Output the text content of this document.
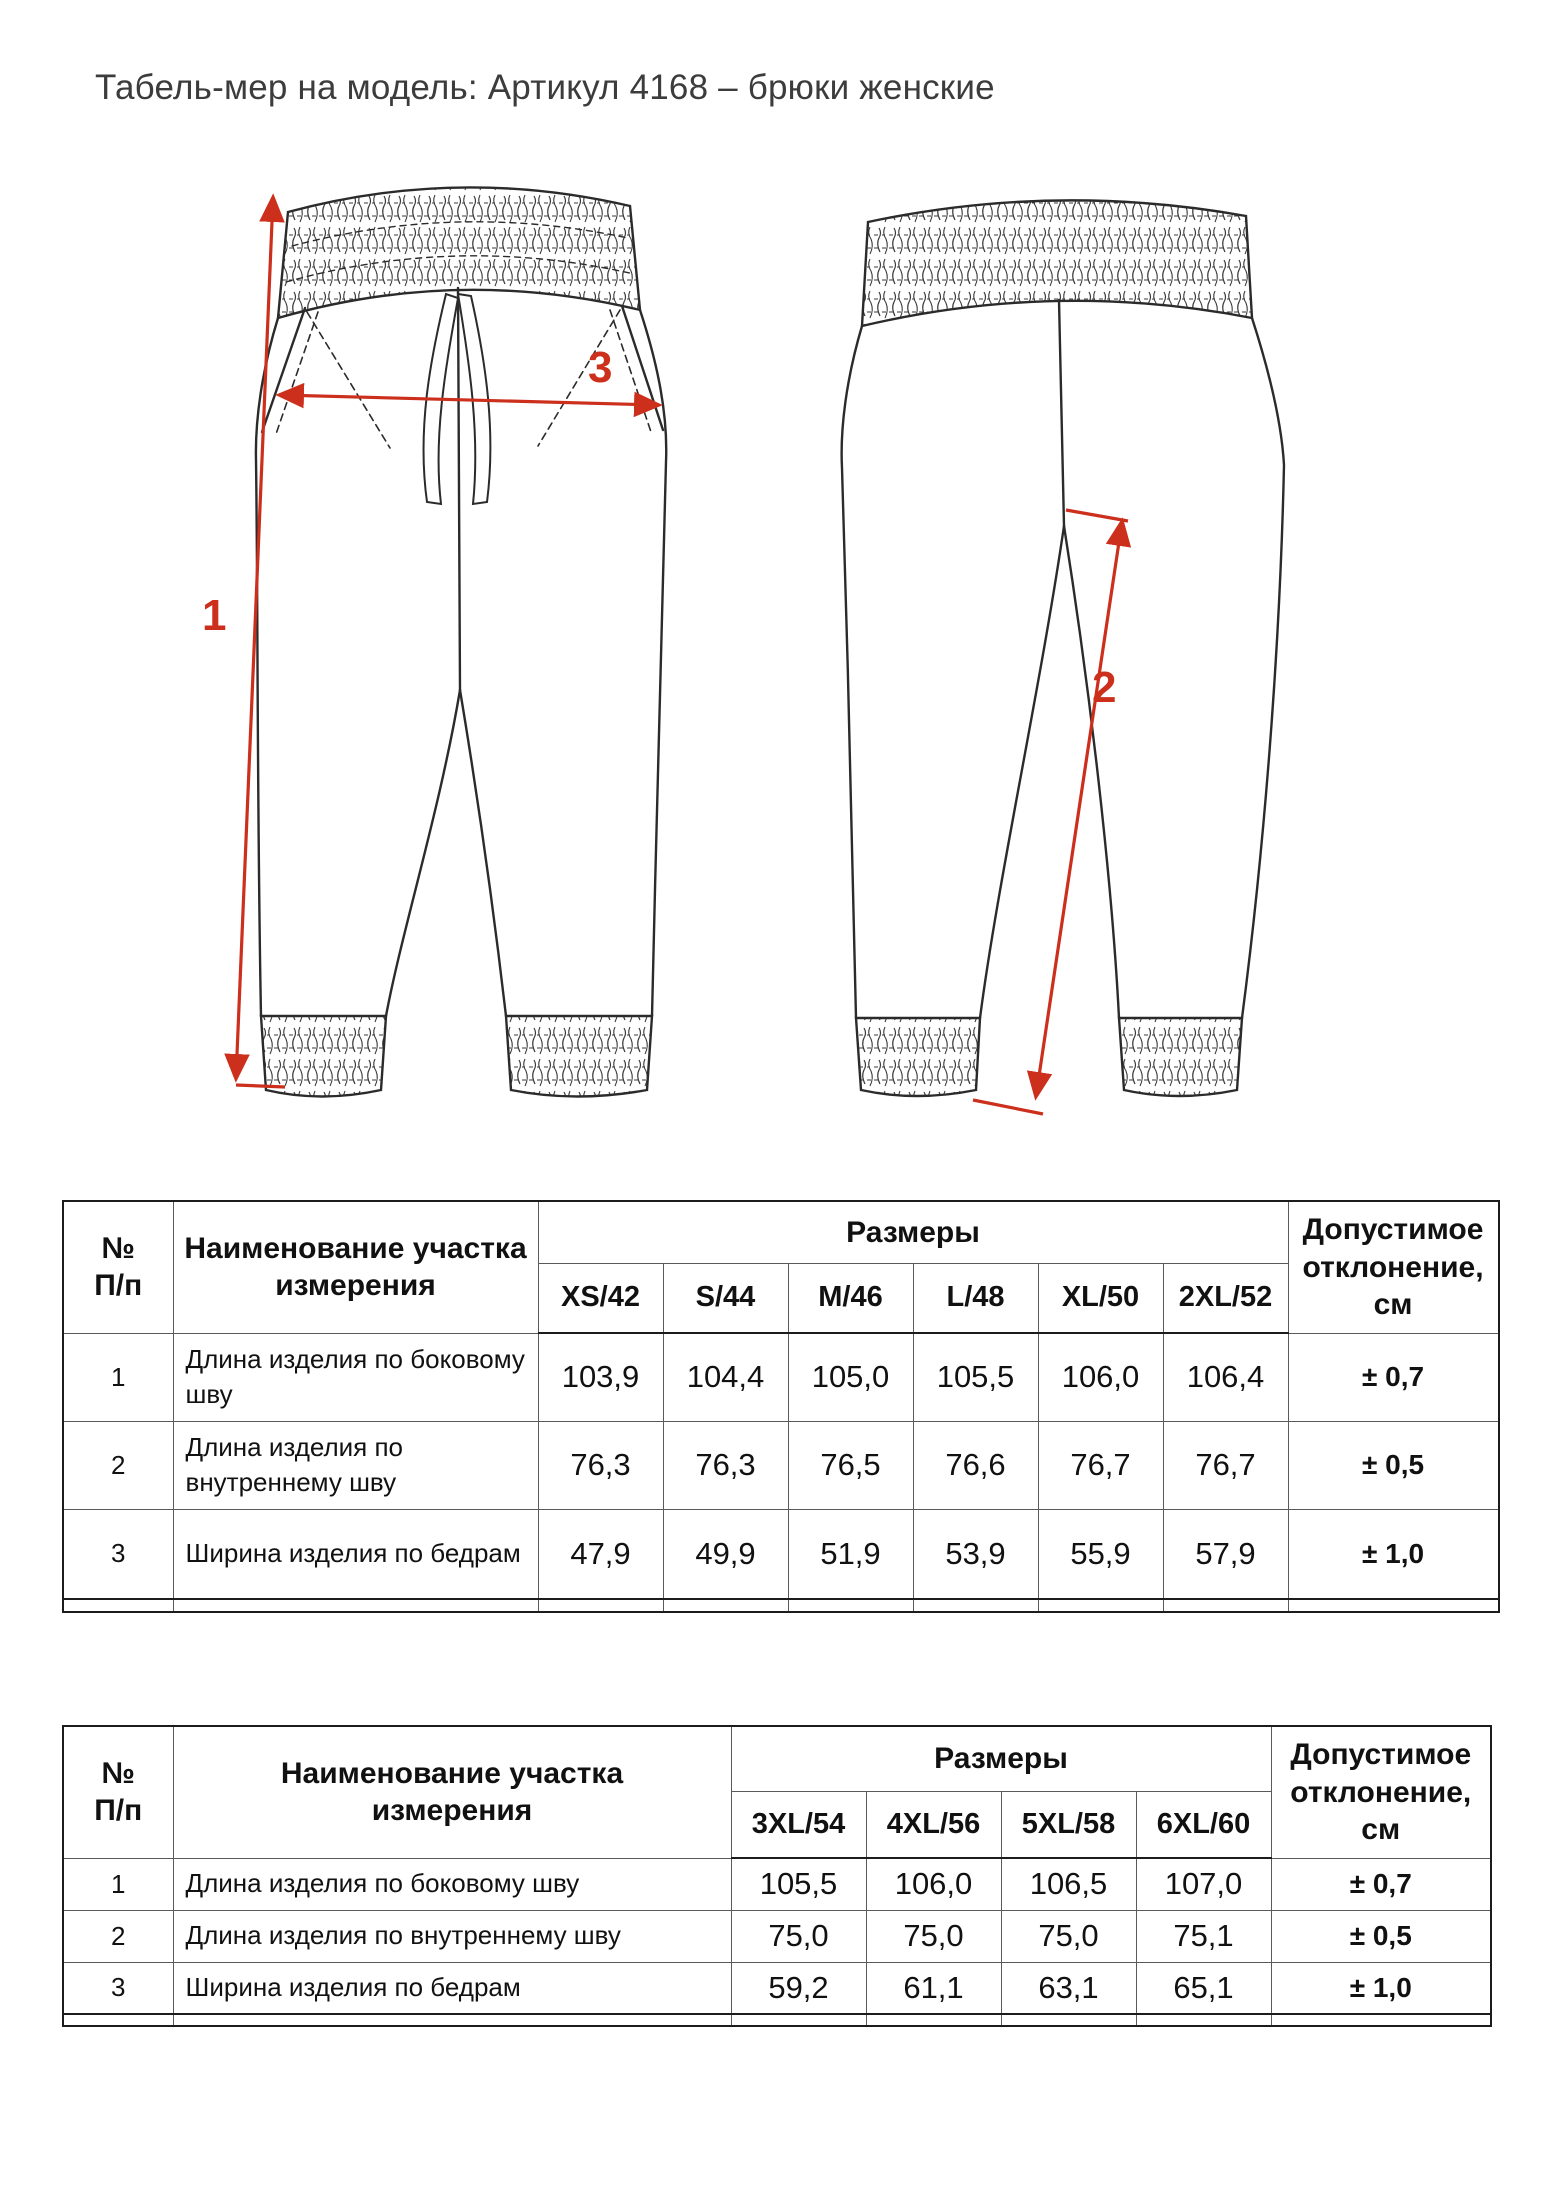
Табель-мер на модель: Артикул 4168 – брюки женские
1
3
2
№
П/п	Наименование участка измерения	Размеры						Допустимое отклонение, см
		XS/42	S/44	M/46	L/48	XL/50	2XL/52	
1	Длина изделия по боковому шву	103,9	104,4	105,0	105,5	106,0	106,4	± 0,7
2	Длина изделия по внутреннему шву	76,3	76,3	76,5	76,6	76,7	76,7	± 0,5
3	Ширина изделия по бедрам	47,9	49,9	51,9	53,9	55,9	57,9	± 1,0

№
П/п	Наименование участка измерения	Размеры				Допустимое отклонение, см
		3XL/54	4XL/56	5XL/58	6XL/60	
1	Длина изделия по боковому шву	105,5	106,0	106,5	107,0	± 0,7
2	Длина изделия по внутреннему шву	75,0	75,0	75,0	75,1	± 0,5
3	Ширина изделия по бедрам	59,2	61,1	63,1	65,1	± 1,0
